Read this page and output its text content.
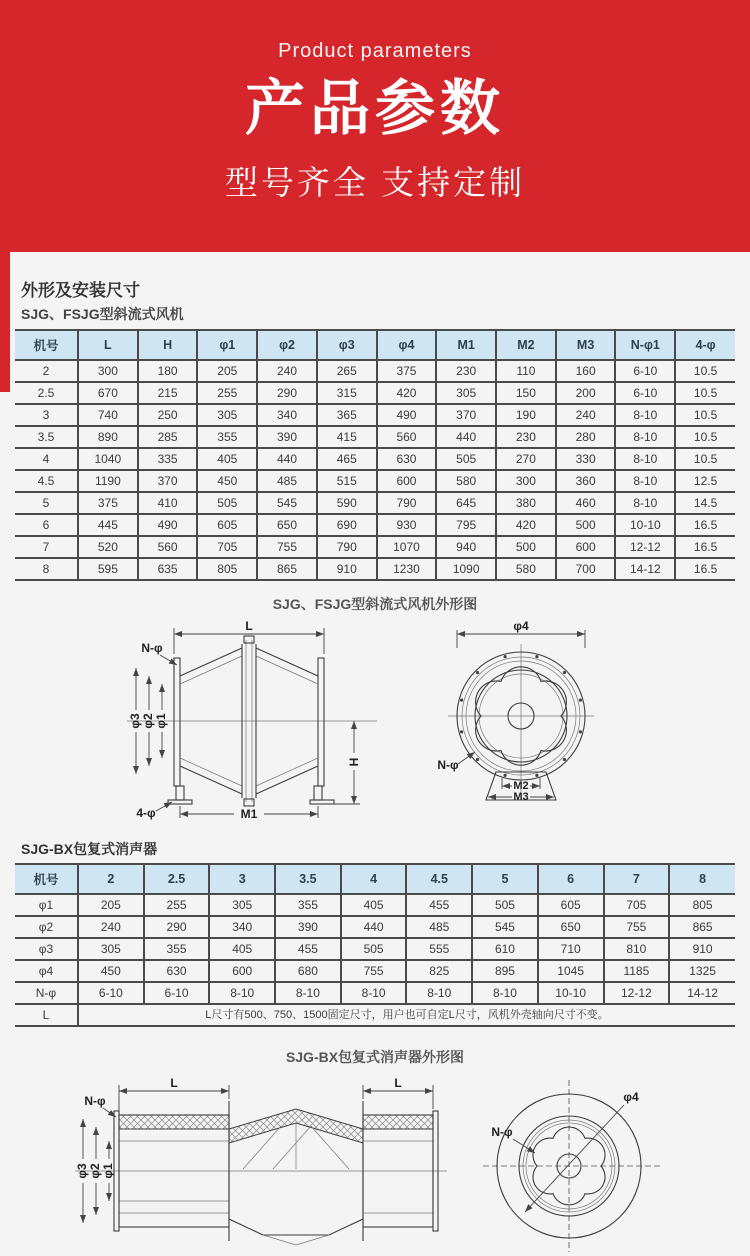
Product parameters
产品参数
型号齐全 支持定制
外形及安装尺寸
SJG、FSJG型斜流式风机
机号	L	H	φ1	φ2	φ3	φ4	M1	M2	M3	N-φ1	4-φ
2	300	180	205	240	265	375	230	110	160	6-10	10.5
2.5	670	215	255	290	315	420	305	150	200	6-10	10.5
3	740	250	305	340	365	490	370	190	240	8-10	10.5
3.5	890	285	355	390	415	560	440	230	280	8-10	10.5
4	1040	335	405	440	465	630	505	270	330	8-10	10.5
4.5	1190	370	450	485	515	600	580	300	360	8-10	12.5
5	375	410	505	545	590	790	645	380	460	8-10	14.5
6	445	490	605	650	690	930	795	420	500	10-10	16.5
7	520	560	705	755	790	1070	940	500	600	12-12	16.5
8	595	635	805	865	910	1230	1090	580	700	14-12	16.5
SJG、FSJG型斜流式风机外形图
L
N-φ
φ3 φ2 φ1
H
M1
4-φ
φ4
M2
M3
N-φ
SJG-BX包复式消声器
机号	2	2.5	3	3.5	4	4.5	5	6	7	8
φ1	205	255	305	355	405	455	505	605	705	805
φ2	240	290	340	390	440	485	545	650	755	865
φ3	305	355	405	455	505	555	610	710	810	910
φ4	450	630	600	680	755	825	895	1045	1185	1325
N-φ	6-10	6-10	8-10	8-10	8-10	8-10	8-10	10-10	12-12	14-12
L	L尺寸有500、750、1500固定尺寸，用户也可自定L尺寸，风机外壳轴向尺寸不变。									
SJG-BX包复式消声器外形图
L	L
N-φ
φ3 φ2 φ1
φ4
N-φ
